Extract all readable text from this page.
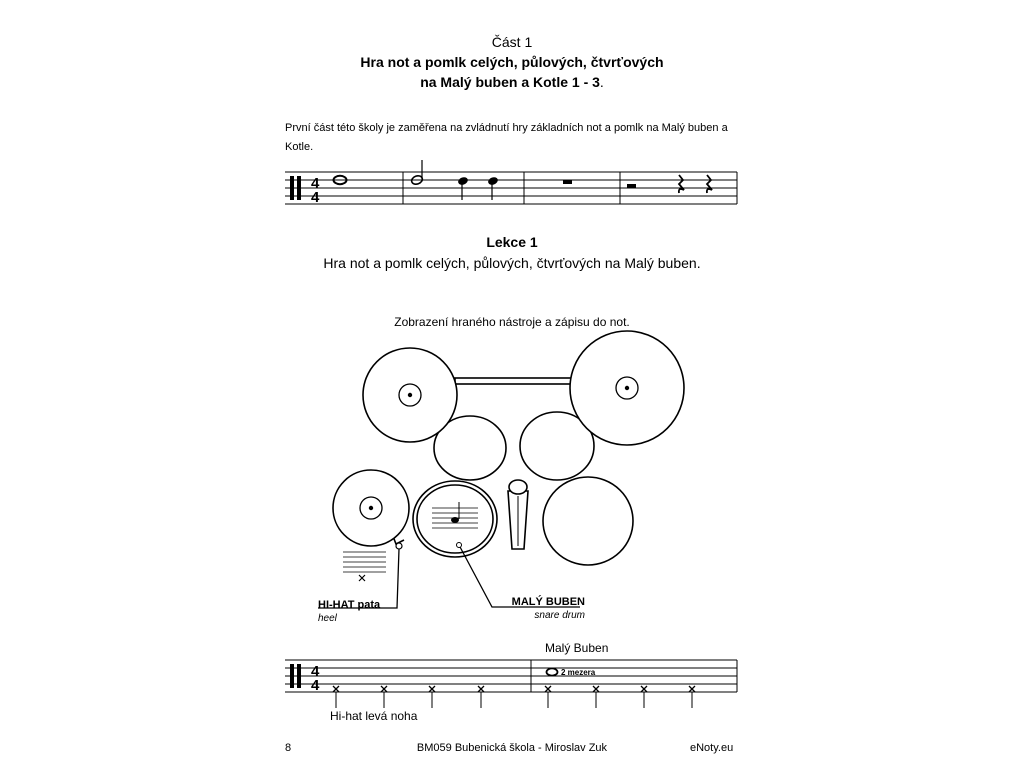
Část 1
Hra not a pomlk celých, půlových, čtvrťových
na Malý buben a Kotle 1 - 3.
První část této školy je zaměřena na zvládnutí hry základních not a pomlk na Malý buben a Kotle.
4
4
Lekce 1
Hra not a pomlk celých, půlových, čtvrťových na Malý buben.
Zobrazení hraného nástroje a zápisu do not.
HI-HAT pata
heel
MALÝ BUBEN
snare drum
Malý Buben
4
4
2 mezera
Hi-hat levá noha
8	BM059 Bubenická škola - Miroslav Zuk	eNoty.eu
